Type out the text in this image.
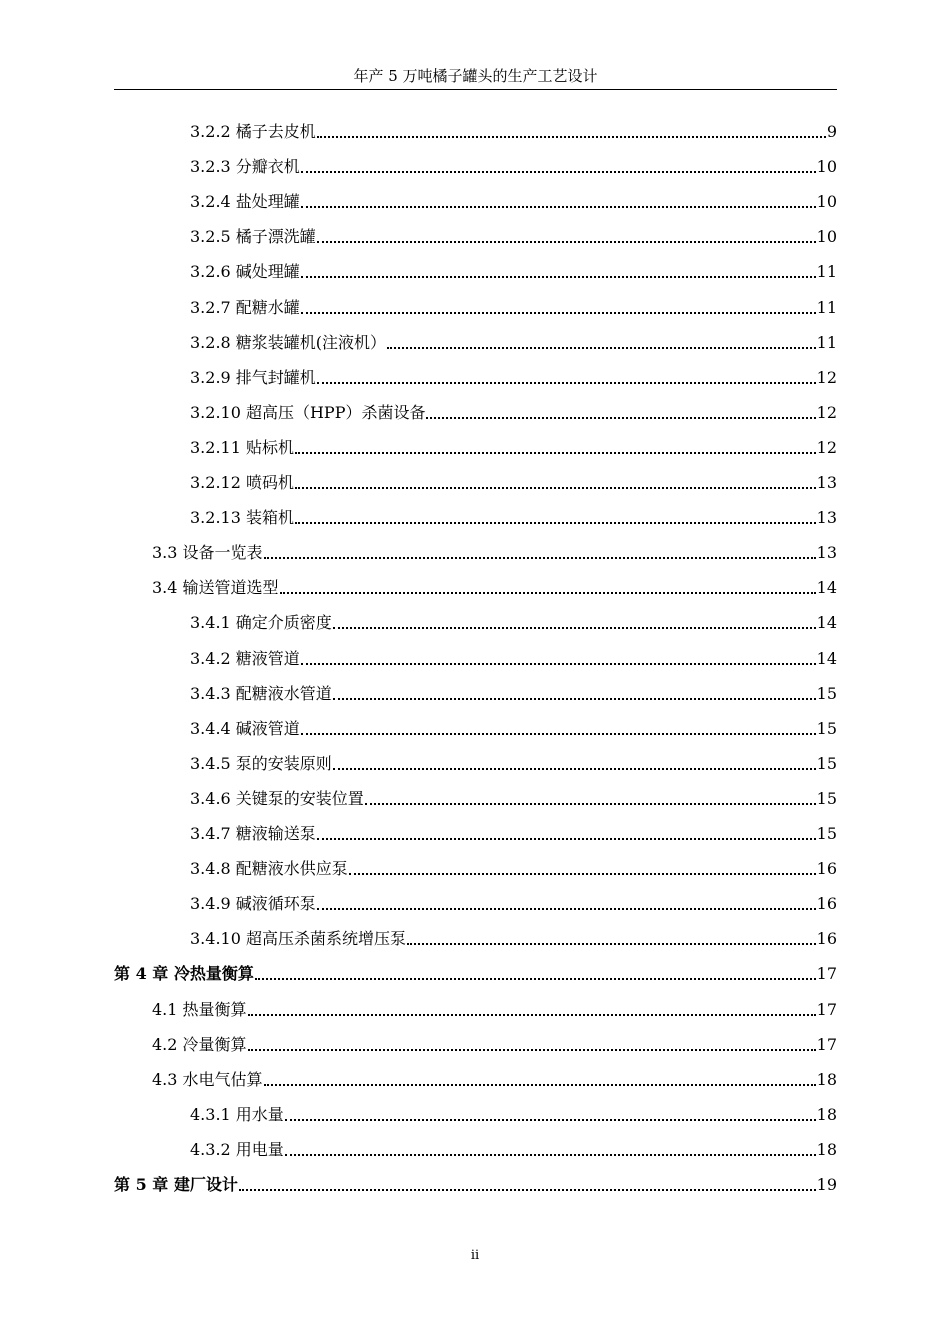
年产 5 万吨橘子罐头的生产工艺设计
3.2.2 橘子去皮机	9
3.2.3 分瓣衣机	10
3.2.4 盐处理罐	10
3.2.5 橘子漂洗罐	10
3.2.6 碱处理罐	11
3.2.7 配糖水罐	11
3.2.8 糖浆装罐机(注液机）	11
3.2.9 排气封罐机	12
3.2.10 超高压（HPP）杀菌设备	12
3.2.11 贴标机	12
3.2.12 喷码机	13
3.2.13 装箱机	13
3.3 设备一览表	13
3.4 输送管道选型	14
3.4.1 确定介质密度	14
3.4.2 糖液管道	14
3.4.3 配糖液水管道	15
3.4.4 碱液管道	15
3.4.5 泵的安装原则	15
3.4.6 关键泵的安装位置	15
3.4.7 糖液输送泵	15
3.4.8 配糖液水供应泵	16
3.4.9 碱液循环泵	16
3.4.10 超高压杀菌系统增压泵	16
第 4 章 冷热量衡算	17
4.1 热量衡算	17
4.2 冷量衡算	17
4.3 水电气估算	18
4.3.1 用水量	18
4.3.2 用电量	18
第 5 章 建厂设计	19
ii
